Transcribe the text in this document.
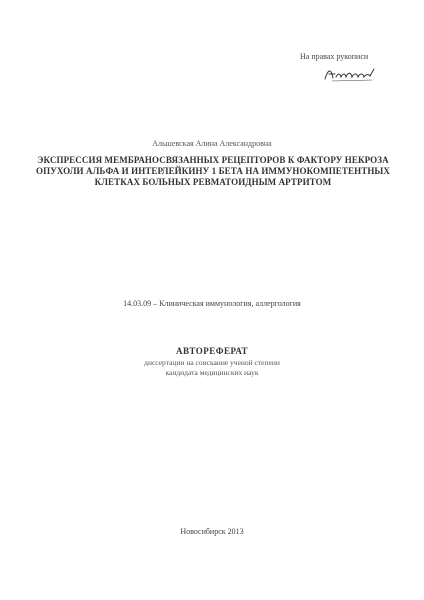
На правах рукописи
Альшевская Алина Александровна
ЭКСПРЕССИЯ МЕМБРАНОСВЯЗАННЫХ РЕЦЕПТОРОВ К ФАКТОРУ НЕКРОЗА ОПУХОЛИ АЛЬФА И ИНТЕРЛЕЙКИНУ 1 БЕТА НА ИММУНОКОМПЕТЕНТНЫХ КЛЕТКАХ БОЛЬНЫХ РЕВМАТОИДНЫМ АРТРИТОМ
14.03.09 – Клиническая иммунология, аллергология
АВТОРЕФЕРАТ
диссертации на соискание ученой степени
кандидата медицинских наук
Новосибирск 2013
